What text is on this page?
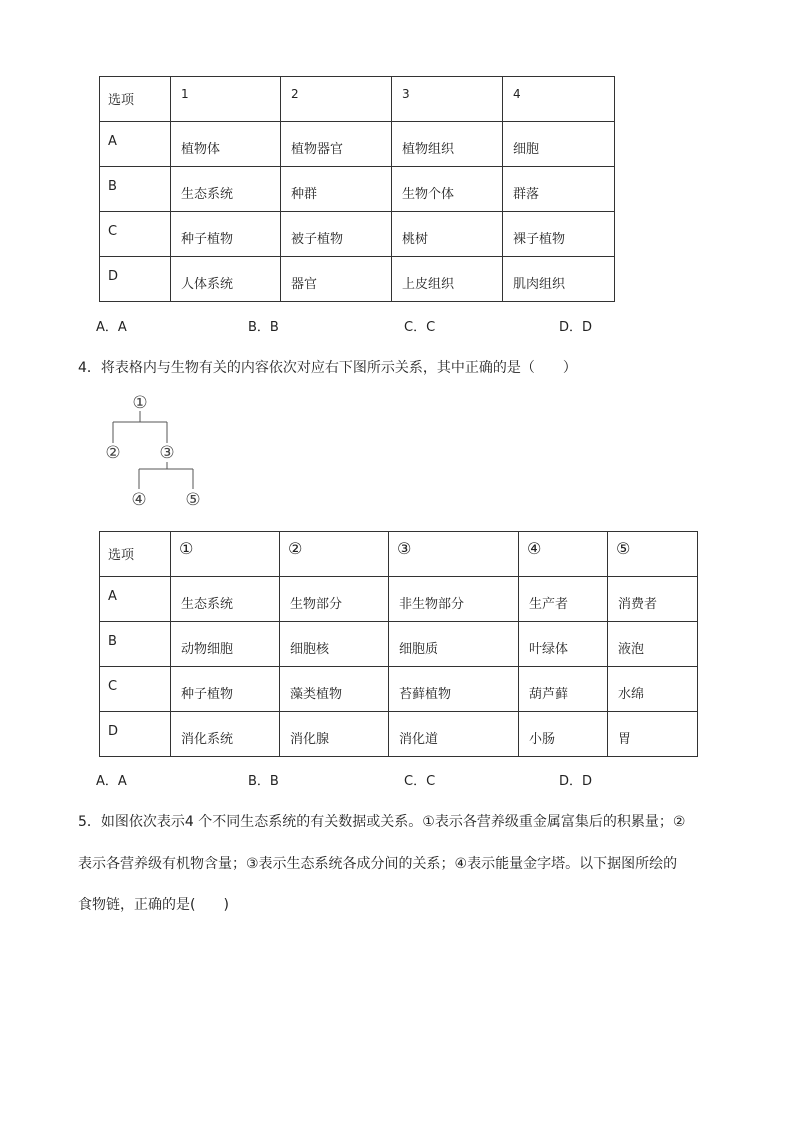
选项	1	2	3	4

A	植物体	植物器官	植物组织	细胞

B	生态系统	种群	生物个体	群落

C	种子植物	被子植物	桃树	裸子植物

D	人体系统	器官	上皮组织	肌肉组织
A．A	B．B	C．C	D．D
4．将表格内与生物有关的内容依次对应右下图所示关系，其中正确的是（　　）
①
② ③
④ ⑤
选项	①	②	③	④	⑤

A	生态系统	生物部分	非生物部分	生产者	消费者

B	动物细胞	细胞核	细胞质	叶绿体	液泡

C	种子植物	藻类植物	苔藓植物	葫芦藓	水绵

D	消化系统	消化腺	消化道	小肠	胃
A．A	B．B	C．C	D．D
5．如图依次表示4 个不同生态系统的有关数据或关系。①表示各营养级重金属富集后的积累量；②
表示各营养级有机物含量；③表示生态系统各成分间的关系；④表示能量金字塔。以下据图所绘的
食物链，正确的是(　　)
